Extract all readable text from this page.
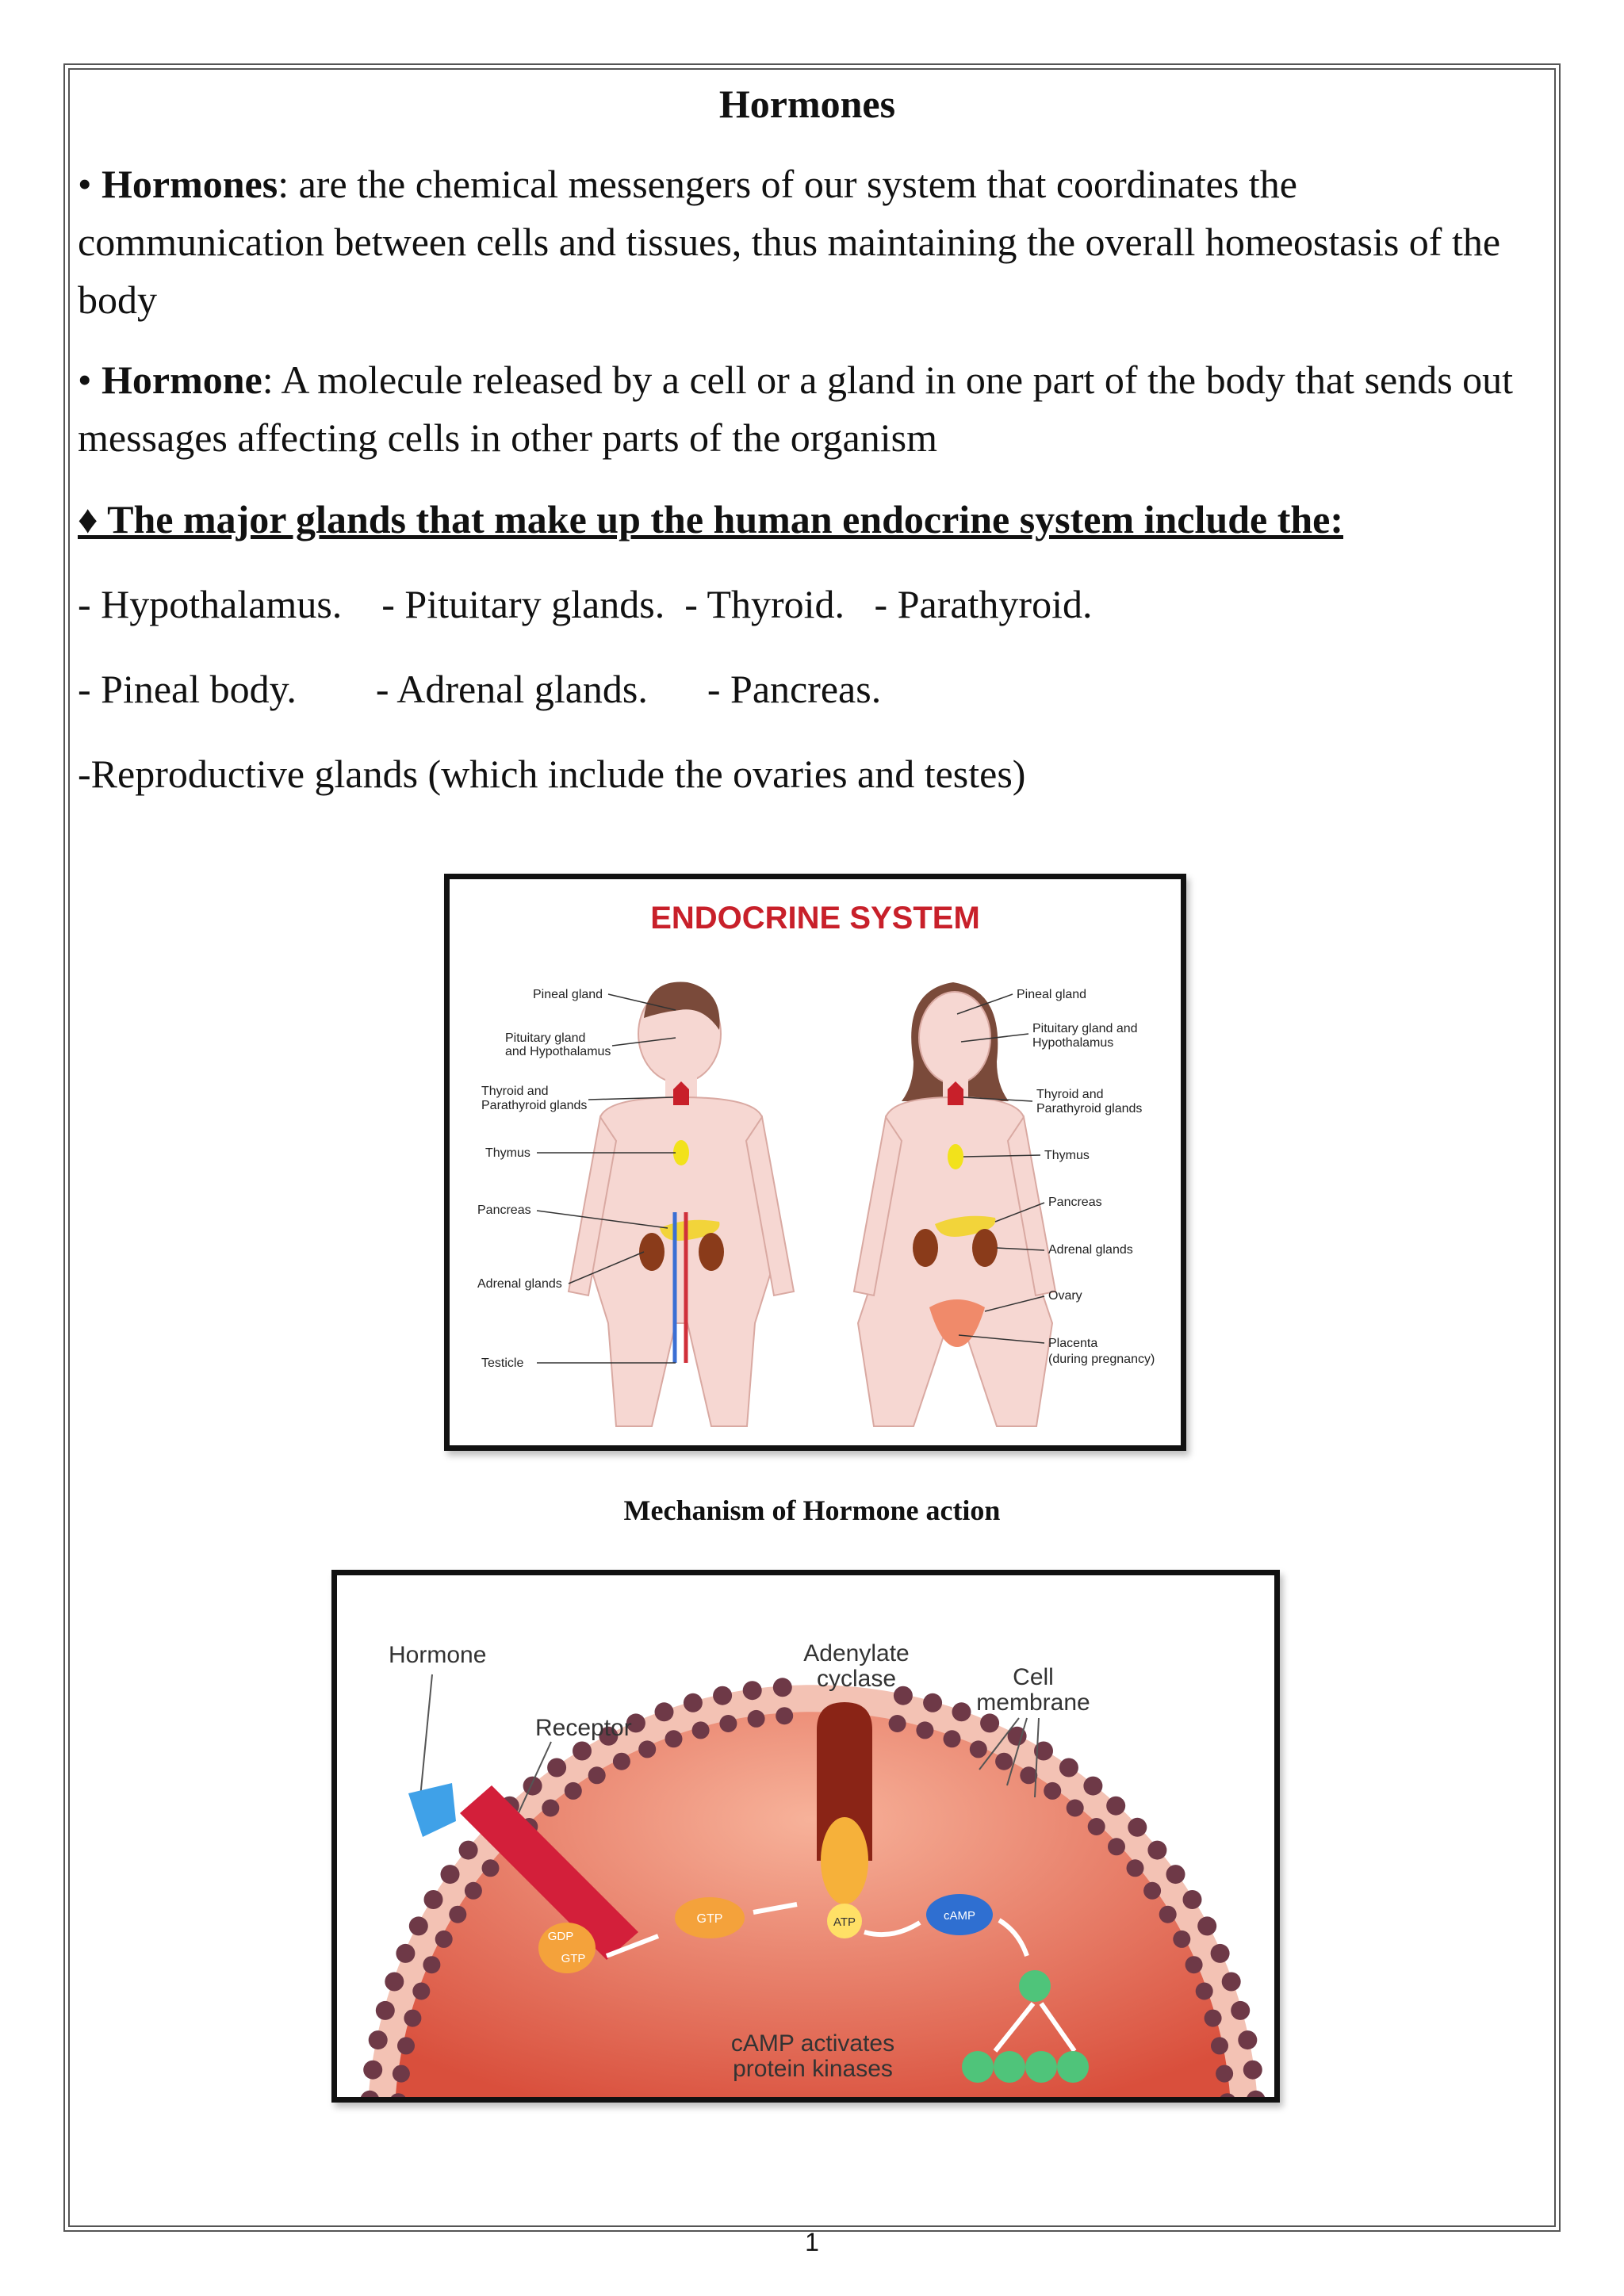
Hormones

• Hormones: are the chemical messengers of our system that coordinates the communication between cells and tissues, thus maintaining the overall homeostasis of the body

• Hormone: A molecule released by a cell or a gland in one part of the body that sends out messages affecting cells in other parts of the organism

♦ The major glands that make up the human endocrine system include the:

- Hypothalamus. - Pituitary glands. - Thyroid. - Parathyroid.
- Pineal body. - Adrenal glands. - Pancreas.
-Reproductive glands (which include the ovaries and testes)
ENDOCRINE SYSTEM
Pineal gland
Pituitary gland
and Hypothalamus
Thyroid and
Parathyroid glands
Thymus
Pancreas
Adrenal glands
Testicle
Pineal gland
Pituitary gland and
Hypothalamus
Thyroid and
Parathyroid glands
Thymus
Pancreas
Adrenal glands
Ovary
Placenta
(during pregnancy)
Mechanism of Hormone action
Hormone
Receptor
Adenylate
cyclase	Cell
membrane
cAMP activates
protein kinases
GDP
GTP
GTP	ATP	cAMP
1
